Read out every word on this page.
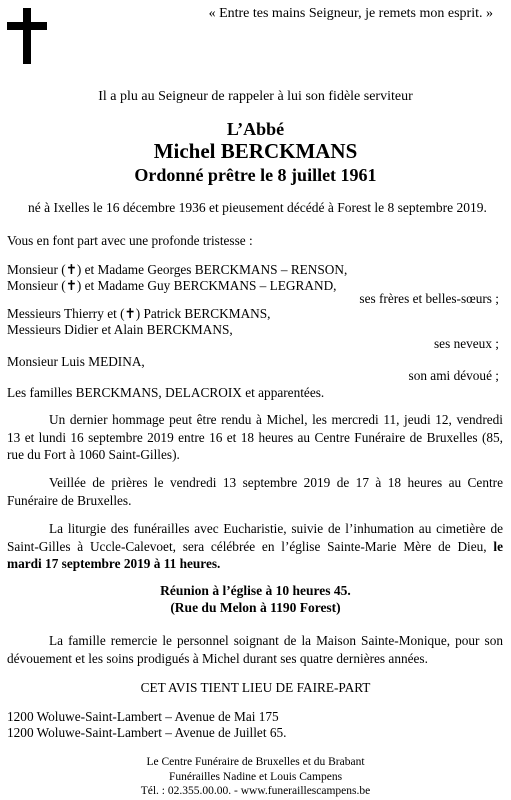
« Entre tes mains Seigneur, je remets mon esprit. »
Il a plu au Seigneur de rappeler à lui son fidèle serviteur
L’Abbé
Michel BERCKMANS
Ordonné prêtre le 8 juillet 1961
né à Ixelles le 16 décembre 1936 et pieusement décédé à Forest le 8 septembre 2019.
Vous en font part avec une profonde tristesse :
Monsieur (✝) et Madame Georges BERCKMANS – RENSON,
Monsieur (✝) et Madame Guy BERCKMANS – LEGRAND,
ses frères et belles-sœurs ;
Messieurs Thierry et (✝) Patrick BERCKMANS,
Messieurs Didier et Alain BERCKMANS,
ses neveux ;
Monsieur Luis MEDINA,
son ami dévoué ;
Les familles BERCKMANS, DELACROIX et apparentées.
Un dernier hommage peut être rendu à Michel, les mercredi 11, jeudi 12, vendredi 13 et lundi 16 septembre 2019 entre 16 et 18 heures au Centre Funéraire de Bruxelles (85, rue du Fort à 1060 Saint-Gilles).
Veillée de prières le vendredi 13 septembre 2019 de 17 à 18 heures au Centre Funéraire de Bruxelles.
La liturgie des funérailles avec Eucharistie, suivie de l’inhumation au cimetière de Saint-Gilles à Uccle-Calevoet, sera célébrée en l’église Sainte-Marie Mère de Dieu, le mardi 17 septembre 2019 à 11 heures.
Réunion à l’église à 10 heures 45.
(Rue du Melon à 1190 Forest)
La famille remercie le personnel soignant de la Maison Sainte-Monique, pour son dévouement et les soins prodigués à Michel durant ses quatre dernières années.
CET AVIS TIENT LIEU DE FAIRE-PART
1200 Woluwe-Saint-Lambert – Avenue de Mai 175
1200 Woluwe-Saint-Lambert – Avenue de Juillet 65.
Le Centre Funéraire de Bruxelles et du Brabant
Funérailles Nadine et Louis Campens
Tél. : 02.355.00.00. - www.funeraillescampens.be
